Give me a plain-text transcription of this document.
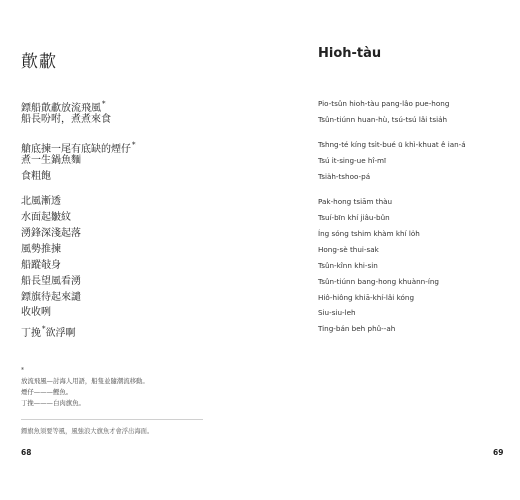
歕歗
鏢船歕歗放流飛風*
船長吩咐，煮煮來食
艙底揀一尾有底缺的煙仔*
煮一生鍋魚麵
食粗飽
北風漸透
水面起皺紋
湧鋒深淺起落
風勢推揀
船蹤敧身
船長望風看湧
鏢旗待起來譴
收收咧
丁挽*欲浮啊
*
放流飛風—討海人用語，船隻並隨潮流移動。
煙仔———鰹魚。
丁挽———白肉旗魚。
鏢旗魚須要等風，風強浪大旗魚才會浮出海面。
68
Hioh-tàu
Pio-tsûn hioh-tàu pang-lâo pue-hong
Tsûn-tiúnn huan-hù, tsú-tsú lâi tsia̍h
Tshng-té kíng tsi̍t-bué ū khì-khuat ê ian-á
Tsú i̍t-sing-ue hî-mī
Tsia̍h-tshoo-pá
Pak-hong tsiām thàu
Tsuí-bīn khí jiâu-bûn
Íng sóng tshim khàm khí lo̍h
Hong-sè thui-sak
Tsûn-kînn khi-sin
Tsûn-tiúnn bang-hong khuànn-íng
Hiô-hiông khiā-khí-lâi kóng
Siu-siu-leh
Ting-bán beh phû--ah
69
